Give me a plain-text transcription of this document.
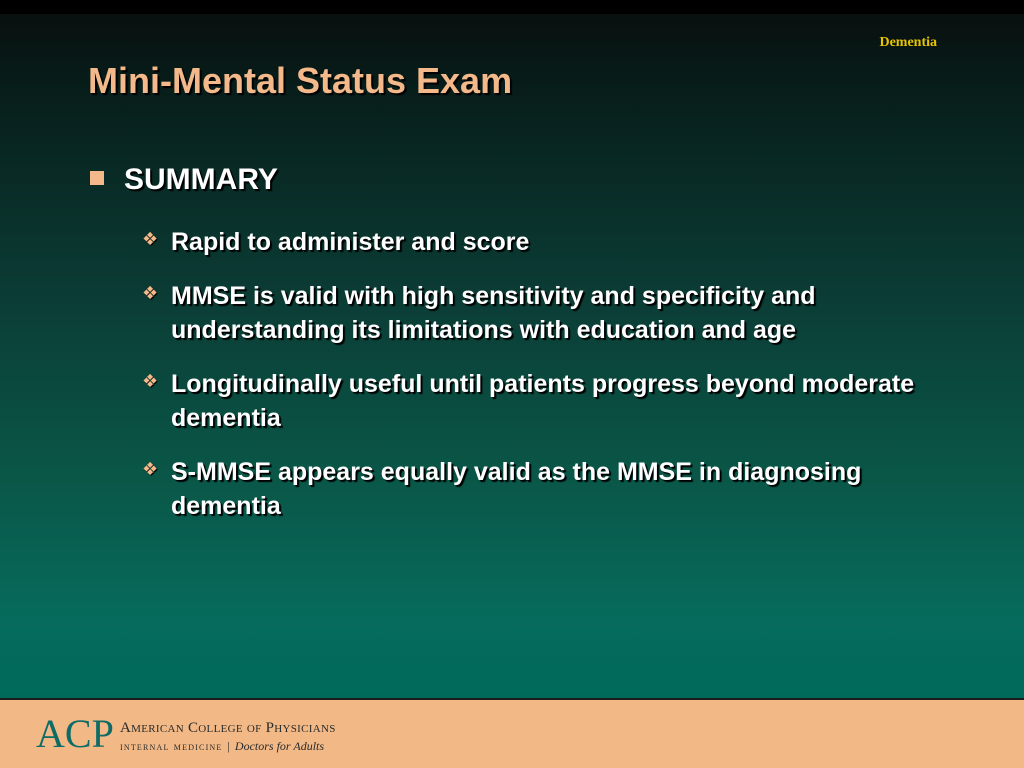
Dementia
Mini-Mental Status Exam
SUMMARY
❖ Rapid to administer and score
❖ MMSE is valid with high sensitivity and specificity and understanding its limitations with education and age
❖ Longitudinally useful until patients progress beyond moderate dementia
❖ S-MMSE appears equally valid as the MMSE in diagnosing dementia
ACP American College of Physicians
internal medicine | Doctors for Adults
